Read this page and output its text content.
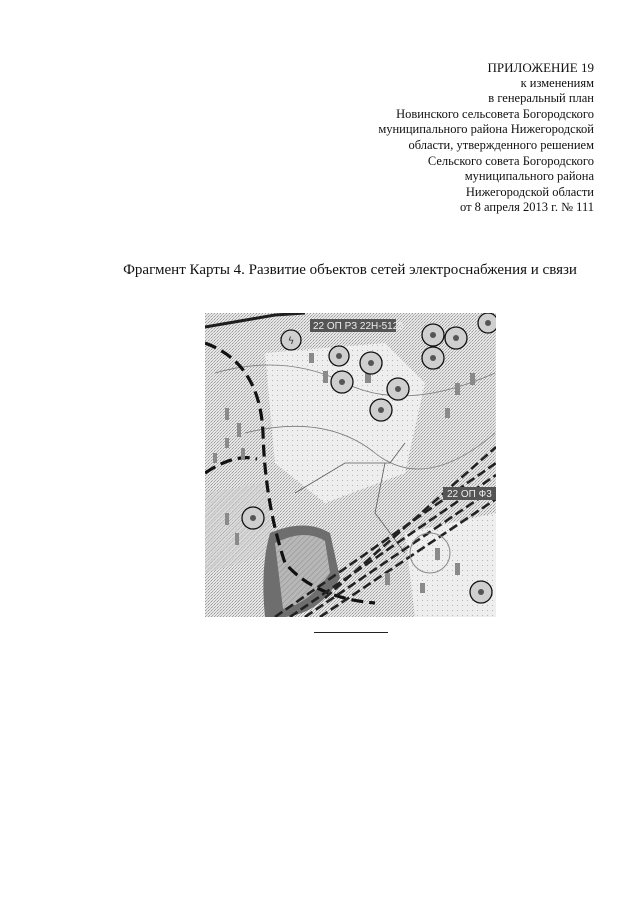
ПРИЛОЖЕНИЕ 19
к изменениям
в генеральный план
Новинского сельсовета Богородского
муниципального района Нижегородской
области, утвержденного решением
Сельского совета Богородского
муниципального района
Нижегородской области
от 8 апреля 2013 г. № 111
Фрагмент Карты 4. Развитие объектов сетей электроснабжения и связи
22 ОП РЗ 22Н-5125
22 ОП Ф3
ϟ
